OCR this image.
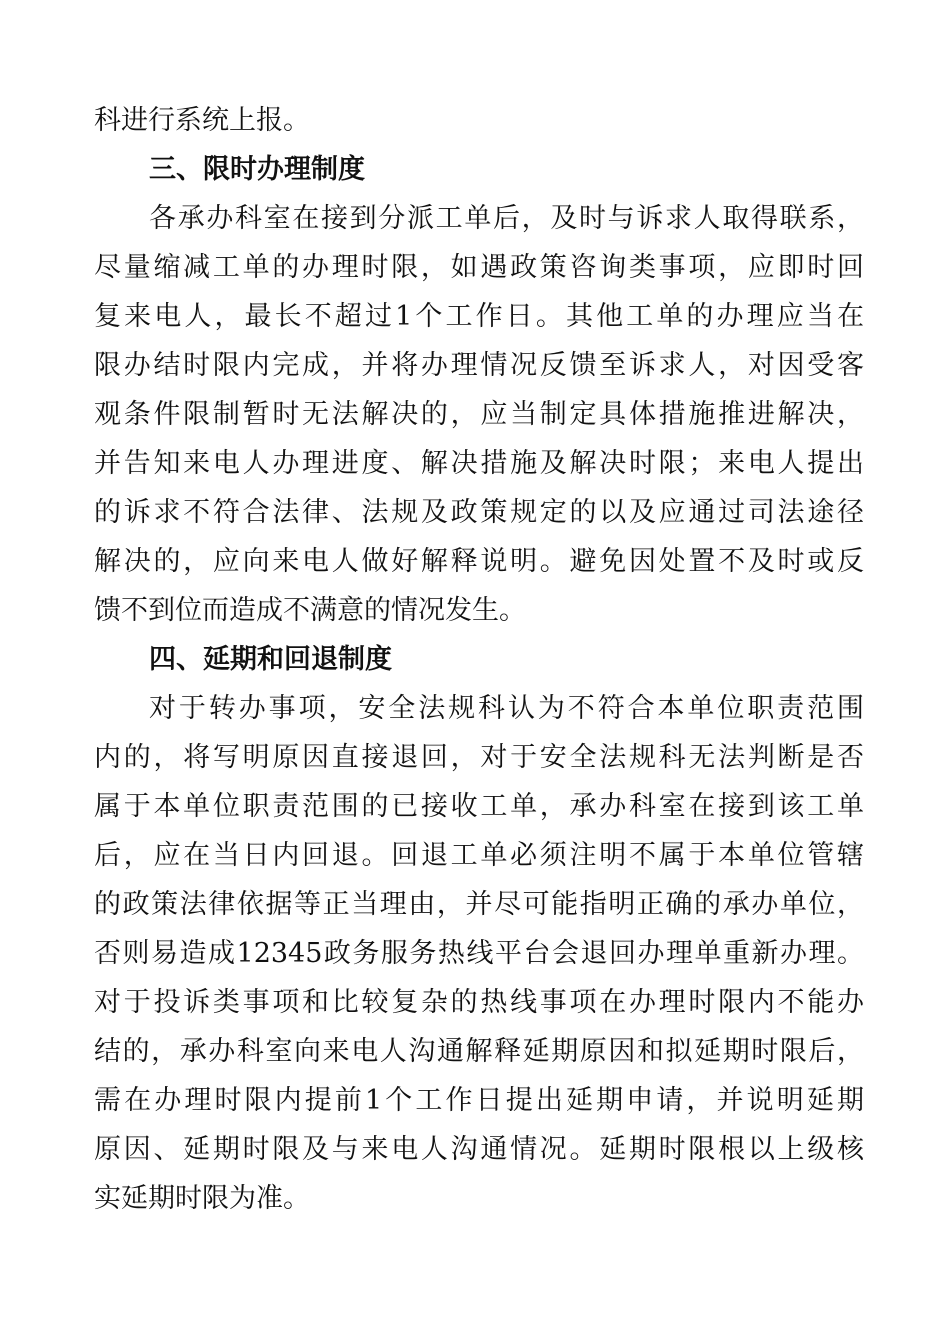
科进行系统上报。
三、限时办理制度
各承办科室在接到分派工单后，及时与诉求人取得联系，
尽量缩减工单的办理时限，如遇政策咨询类事项，应即时回
复来电人，最长不超过1个工作日。其他工单的办理应当在
限办结时限内完成，并将办理情况反馈至诉求人，对因受客
观条件限制暂时无法解决的，应当制定具体措施推进解决，
并告知来电人办理进度、解决措施及解决时限；来电人提出
的诉求不符合法律、法规及政策规定的以及应通过司法途径
解决的，应向来电人做好解释说明。避免因处置不及时或反
馈不到位而造成不满意的情况发生。
四、延期和回退制度
对于转办事项，安全法规科认为不符合本单位职责范围
内的，将写明原因直接退回，对于安全法规科无法判断是否
属于本单位职责范围的已接收工单，承办科室在接到该工单
后，应在当日内回退。回退工单必须注明不属于本单位管辖
的政策法律依据等正当理由，并尽可能指明正确的承办单位，
否则易造成12345政务服务热线平台会退回办理单重新办理。
对于投诉类事项和比较复杂的热线事项在办理时限内不能办
结的，承办科室向来电人沟通解释延期原因和拟延期时限后，
需在办理时限内提前1个工作日提出延期申请，并说明延期
原因、延期时限及与来电人沟通情况。延期时限根以上级核
实延期时限为准。
